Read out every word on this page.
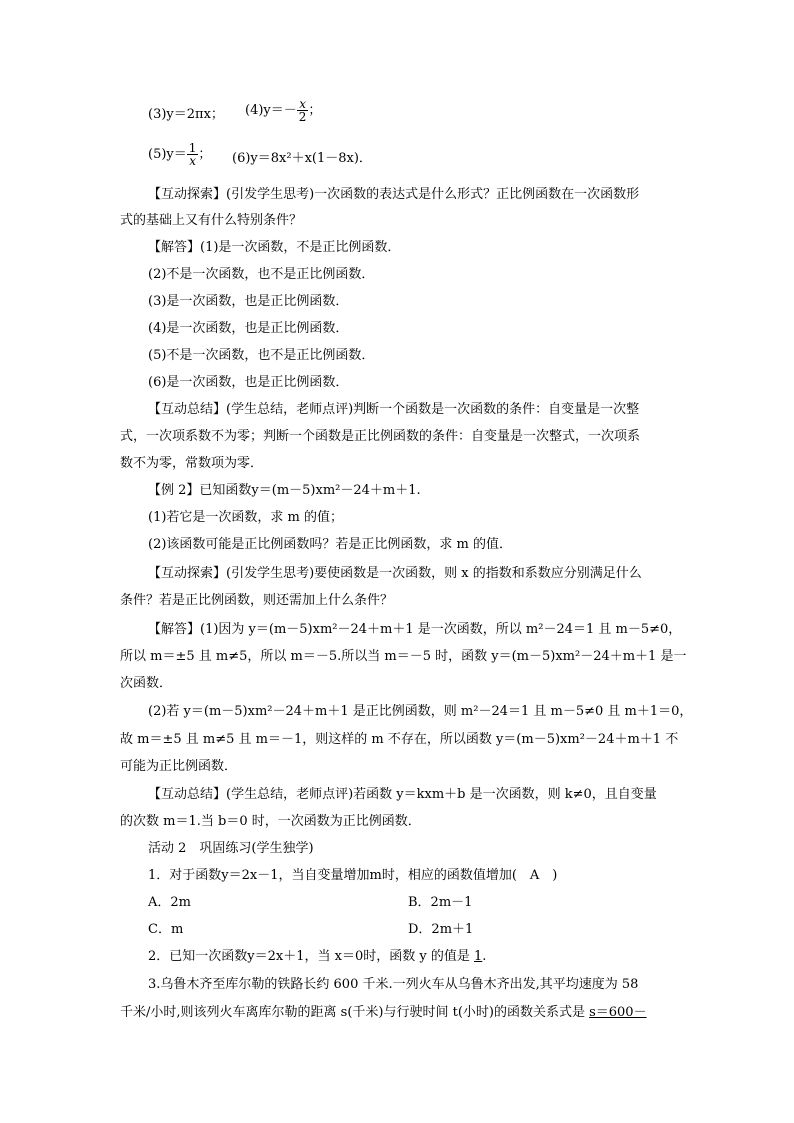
(3)y＝2πx； $(4)y=- \frac{x}{2}$ ；
$(5)y= \frac{1}{x}$ ； (6)y＝8x²＋x(1－8x)．
【互动探索】(引发学生思考)一次函数的表达式是什么形式？正比例函数在一次函数形
式的基础上又有什么特别条件？
【解答】(1)是一次函数，不是正比例函数．
(2)不是一次函数，也不是正比例函数．
(3)是一次函数，也是正比例函数．
(4)是一次函数，也是正比例函数．
(5)不是一次函数，也不是正比例函数．
(6)是一次函数，也是正比例函数．
【互动总结】(学生总结，老师点评)判断一个函数是一次函数的条件：自变量是一次整
式，一次项系数不为零；判断一个函数是正比例函数的条件：自变量是一次整式，一次项系
数不为零，常数项为零．
【例 2】已知函数y＝(m－5)xm²－24＋m＋1.
(1)若它是一次函数，求 m 的值；
(2)该函数可能是正比例函数吗？若是正比例函数，求 m 的值．
【互动探索】(引发学生思考)要使函数是一次函数，则 x 的指数和系数应分别满足什么
条件？若是正比例函数，则还需加上什么条件？
【解答】(1)因为 y＝(m－5)xm²－24＋m＋1 是一次函数，所以 m²－24＝1 且 m－5≠0，
所以 m＝±5 且 m≠5，所以 m＝－5.所以当 m＝－5 时，函数 y＝(m－5)xm²－24＋m＋1 是一
次函数．
(2)若 y＝(m－5)xm²－24＋m＋1 是正比例函数，则 m²－24＝1 且 m－5≠0 且 m＋1＝0，
故 m＝±5 且 m≠5 且 m＝－1，则这样的 m 不存在，所以函数 y＝(m－5)xm²－24＋m＋1 不
可能为正比例函数．
【互动总结】(学生总结，老师点评)若函数 y＝kxm＋b 是一次函数，则 k≠0，且自变量
的次数 m＝1.当 b＝0 时，一次函数为正比例函数．
活动 2　巩固练习(学生独学)
1．对于函数y＝2x－1，当自变量增加m时，相应的函数值增加(　A　)
A．2m	B．2m－1
C．m	D．2m＋1
2．已知一次函数y＝2x＋1，当 x＝0时，函数 y 的值是 1.
3.乌鲁木齐至库尔勒的铁路长约 600 千米.一列火车从乌鲁木齐出发,其平均速度为 58
千米/小时,则该列火车离库尔勒的距离 s(千米)与行驶时间 t(小时)的函数关系式是 s＝600－
